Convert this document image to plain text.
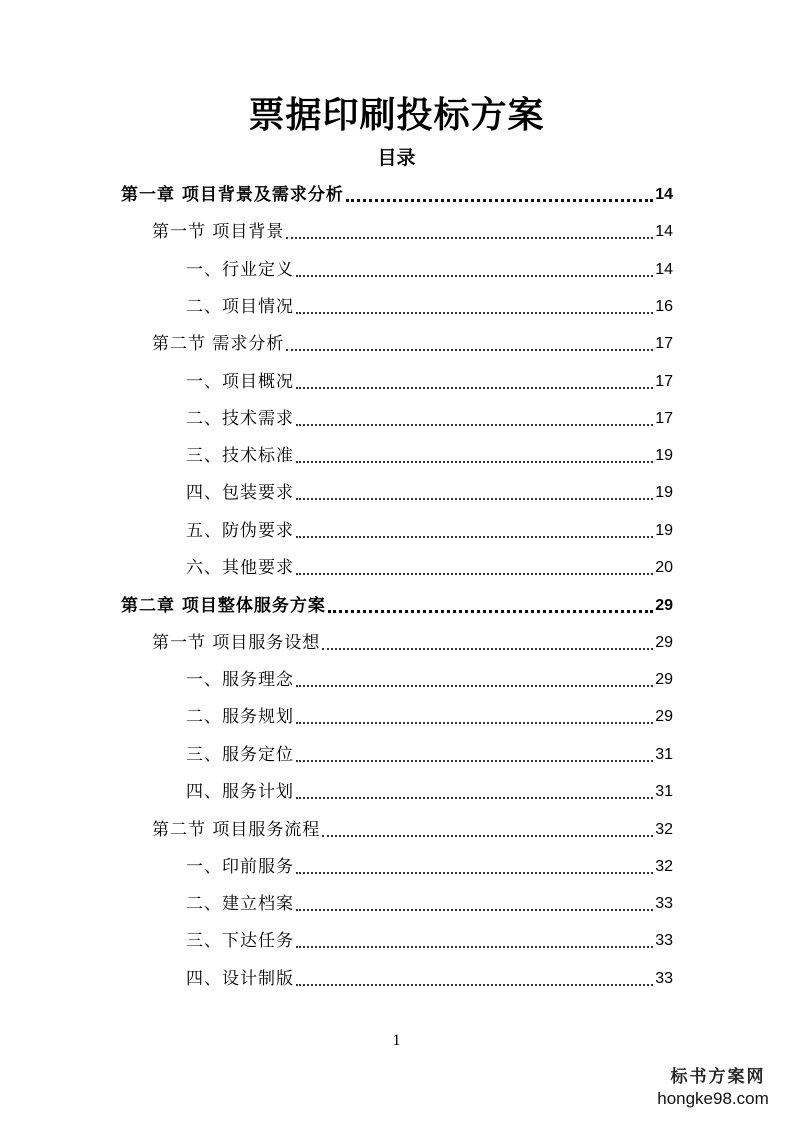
票据印刷投标方案
目录
第一章 项目背景及需求分析	14
第一节 项目背景	14
一、行业定义	14
二、项目情况	16
第二节 需求分析	17
一、项目概况	17
二、技术需求	17
三、技术标准	19
四、包装要求	19
五、防伪要求	19
六、其他要求	20
第二章 项目整体服务方案	29
第一节 项目服务设想	29
一、服务理念	29
二、服务规划	29
三、服务定位	31
四、服务计划	31
第二节 项目服务流程	32
一、印前服务	32
二、建立档案	33
三、下达任务	33
四、设计制版	33
1
标书方案网
hongke98.com
